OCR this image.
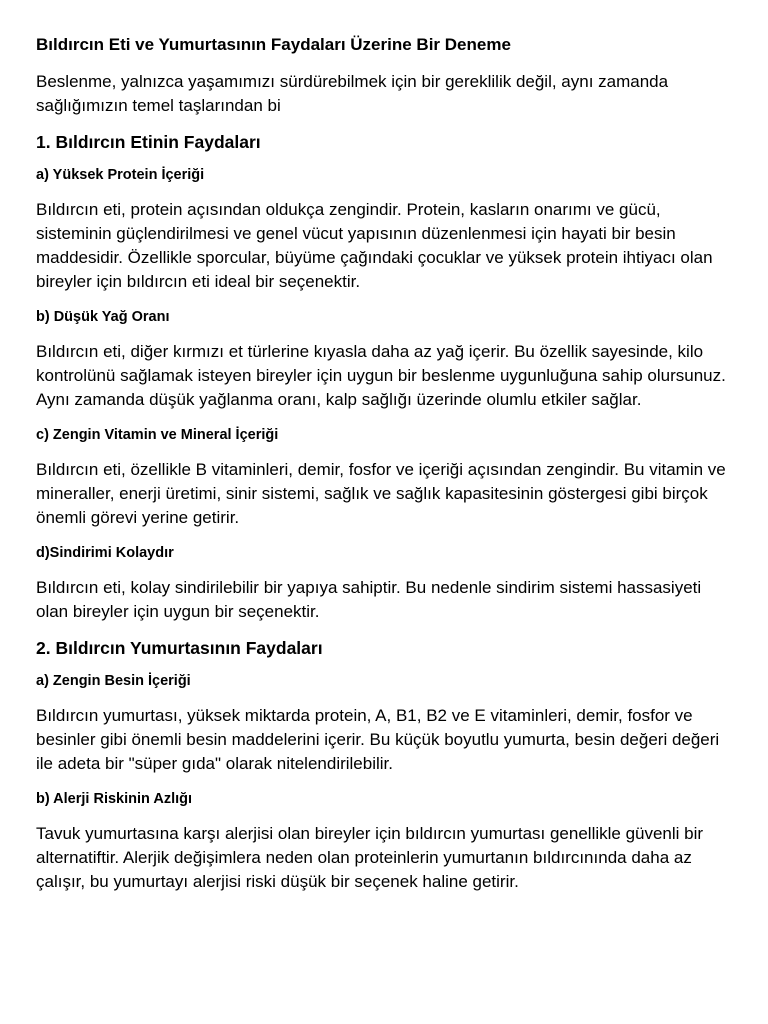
Bıldırcın Eti ve Yumurtasının Faydaları Üzerine Bir Deneme

Beslenme, yalnızca yaşamımızı sürdürebilmek için bir gereklilik değil, aynı zamanda sağlığımızın temel taşlarından bi

1. Bıldırcın Etinin Faydaları
a) Yüksek Protein İçeriği

Bıldırcın eti, protein açısından oldukça zengindir. Protein, kasların onarımı ve gücü, sisteminin güçlendirilmesi ve genel vücut yapısının düzenlenmesi için hayati bir besin maddesidir. Özellikle sporcular, büyüme çağındaki çocuklar ve yüksek protein ihtiyacı olan bireyler için bıldırcın eti ideal bir seçenektir.

b) Düşük Yağ Oranı

Bıldırcın eti, diğer kırmızı et türlerine kıyasla daha az yağ içerir. Bu özellik sayesinde, kilo kontrolünü sağlamak isteyen bireyler için uygun bir beslenme uygunluğuna sahip olursunuz. Aynı zamanda düşük yağlanma oranı, kalp sağlığı üzerinde olumlu etkiler sağlar.

c) Zengin Vitamin ve Mineral İçeriği

Bıldırcın eti, özellikle B vitaminleri, demir, fosfor ve içeriği açısından zengindir. Bu vitamin ve mineraller, enerji üretimi, sinir sistemi, sağlık ve sağlık kapasitesinin göstergesi gibi birçok önemli görevi yerine getirir.

d)Sindirimi Kolaydır

Bıldırcın eti, kolay sindirilebilir bir yapıya sahiptir. Bu nedenle sindirim sistemi hassasiyeti olan bireyler için uygun bir seçenektir.

2. Bıldırcın Yumurtasının Faydaları
a) Zengin Besin İçeriği

Bıldırcın yumurtası, yüksek miktarda protein, A, B1, B2 ve E vitaminleri, demir, fosfor ve besinler gibi önemli besin maddelerini içerir. Bu küçük boyutlu yumurta, besin değeri değeri ile adeta bir "süper gıda" olarak nitelendirilebilir.

b) Alerji Riskinin Azlığı

Tavuk yumurtasına karşı alerjisi olan bireyler için bıldırcın yumurtası genellikle güvenli bir alternatiftir. Alerjik değişimlera neden olan proteinlerin yumurtanın bıldırcınında daha az çalışır, bu yumurtayı alerjisi riski düşük bir seçenek haline getirir.
